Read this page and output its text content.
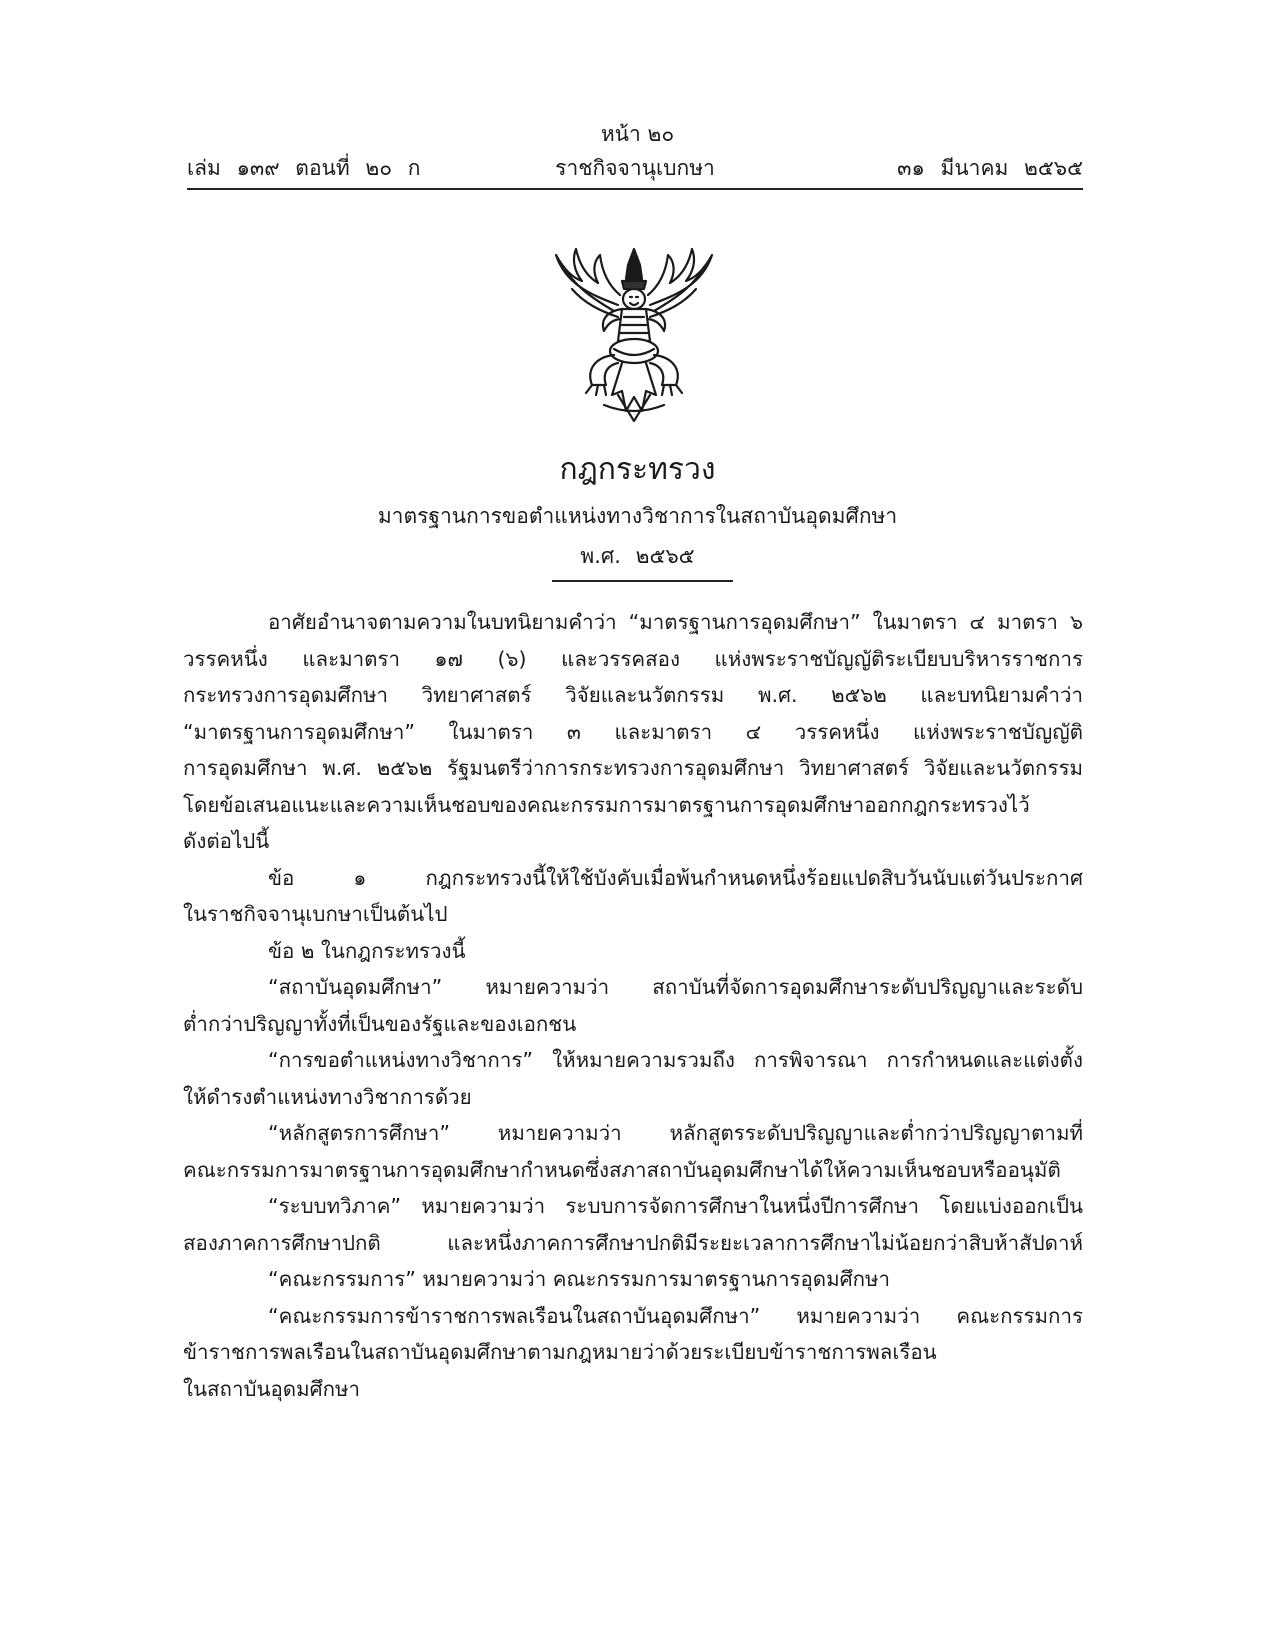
หน้า ๒๐
เล่ม ๑๓๙ ตอนที่ ๒๐ ก	ราชกิจจานุเบกษา	๓๑ มีนาคม ๒๕๖๕
กฎกระทรวง
มาตรฐานการขอตำแหน่งทางวิชาการในสถาบันอุดมศึกษา
พ.ศ. ๒๕๖๕
อาศัยอำนาจตามความในบทนิยามคำว่า “มาตรฐานการอุดมศึกษา” ในมาตรา ๔ มาตรา ๖
วรรคหนึ่ง และมาตรา ๑๗ (๖) และวรรคสอง แห่งพระราชบัญญัติระเบียบบริหารราชการ
กระทรวงการอุดมศึกษา วิทยาศาสตร์ วิจัยและนวัตกรรม พ.ศ. ๒๕๖๒ และบทนิยามคำว่า
“มาตรฐานการอุดมศึกษา” ในมาตรา ๓ และมาตรา ๔ วรรคหนึ่ง แห่งพระราชบัญญัติ
การอุดมศึกษา พ.ศ. ๒๕๖๒ รัฐมนตรีว่าการกระทรวงการอุดมศึกษา วิทยาศาสตร์ วิจัยและนวัตกรรม
โดยข้อเสนอแนะและความเห็นชอบของคณะกรรมการมาตรฐานการอุดมศึกษาออกกฎกระทรวงไว้
ดังต่อไปนี้
ข้อ ๑ กฎกระทรวงนี้ให้ใช้บังคับเมื่อพ้นกำหนดหนึ่งร้อยแปดสิบวันนับแต่วันประกาศ
ในราชกิจจานุเบกษาเป็นต้นไป
ข้อ ๒ ในกฎกระทรวงนี้
“สถาบันอุดมศึกษา” หมายความว่า สถาบันที่จัดการอุดมศึกษาระดับปริญญาและระดับ
ต่ำกว่าปริญญาทั้งที่เป็นของรัฐและของเอกชน
“การขอตำแหน่งทางวิชาการ” ให้หมายความรวมถึง การพิจารณา การกำหนดและแต่งตั้ง
ให้ดำรงตำแหน่งทางวิชาการด้วย
“หลักสูตรการศึกษา” หมายความว่า หลักสูตรระดับปริญญาและต่ำกว่าปริญญาตามที่
คณะกรรมการมาตรฐานการอุดมศึกษากำหนดซึ่งสภาสถาบันอุดมศึกษาได้ให้ความเห็นชอบหรืออนุมัติ
“ระบบทวิภาค” หมายความว่า ระบบการจัดการศึกษาในหนึ่งปีการศึกษา โดยแบ่งออกเป็น
สองภาคการศึกษาปกติ และหนึ่งภาคการศึกษาปกติมีระยะเวลาการศึกษาไม่น้อยกว่าสิบห้าสัปดาห์
“คณะกรรมการ” หมายความว่า คณะกรรมการมาตรฐานการอุดมศึกษา
“คณะกรรมการข้าราชการพลเรือนในสถาบันอุดมศึกษา” หมายความว่า คณะกรรมการ
ข้าราชการพลเรือนในสถาบันอุดมศึกษาตามกฎหมายว่าด้วยระเบียบข้าราชการพลเรือน
ในสถาบันอุดมศึกษา
